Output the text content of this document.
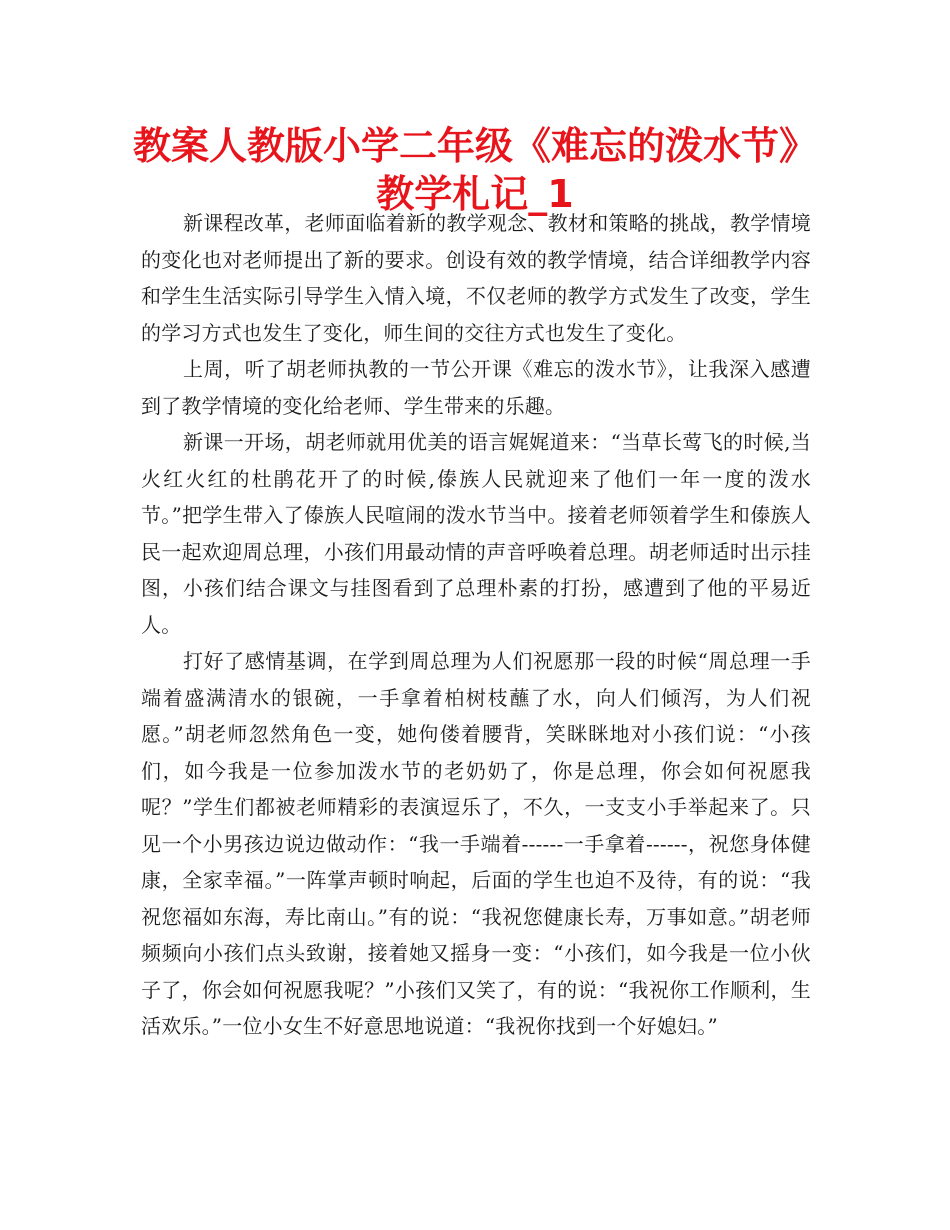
教案人教版小学二年级《难忘的泼水节》
教学札记_1

新课程改革，老师面临着新的教学观念、教材和策略的挑战，教学情境的变化也对老师提出了新的要求。创设有效的教学情境，结合详细教学内容和学生生活实际引导学生入情入境，不仅老师的教学方式发生了改变，学生的学习方式也发生了变化，师生间的交往方式也发生了变化。

上周，听了胡老师执教的一节公开课《难忘的泼水节》，让我深入感遭到了教学情境的变化给老师、学生带来的乐趣。

新课一开场，胡老师就用优美的语言娓娓道来：“当草长莺飞的时候,当火红火红的杜鹃花开了的时候,傣族人民就迎来了他们一年一度的泼水节。”把学生带入了傣族人民喧闹的泼水节当中。接着老师领着学生和傣族人民一起欢迎周总理，小孩们用最动情的声音呼唤着总理。胡老师适时出示挂图，小孩们结合课文与挂图看到了总理朴素的打扮，感遭到了他的平易近人。

打好了感情基调，在学到周总理为人们祝愿那一段的时候“周总理一手端着盛满清水的银碗，一手拿着柏树枝蘸了水，向人们倾泻，为人们祝愿。”胡老师忽然角色一变，她佝偻着腰背，笑眯眯地对小孩们说：“小孩们，如今我是一位参加泼水节的老奶奶了，你是总理，你会如何祝愿我呢？”学生们都被老师精彩的表演逗乐了，不久，一支支小手举起来了。只见一个小男孩边说边做动作：“我一手端着------一手拿着------，祝您身体健康，全家幸福。”一阵掌声顿时响起，后面的学生也迫不及待，有的说：“我祝您福如东海，寿比南山。”有的说：“我祝您健康长寿，万事如意。”胡老师频频向小孩们点头致谢，接着她又摇身一变：“小孩们，如今我是一位小伙子了，你会如何祝愿我呢？”小孩们又笑了，有的说：“我祝你工作顺利，生活欢乐。”一位小女生不好意思地说道：“我祝你找到一个好媳妇。”
